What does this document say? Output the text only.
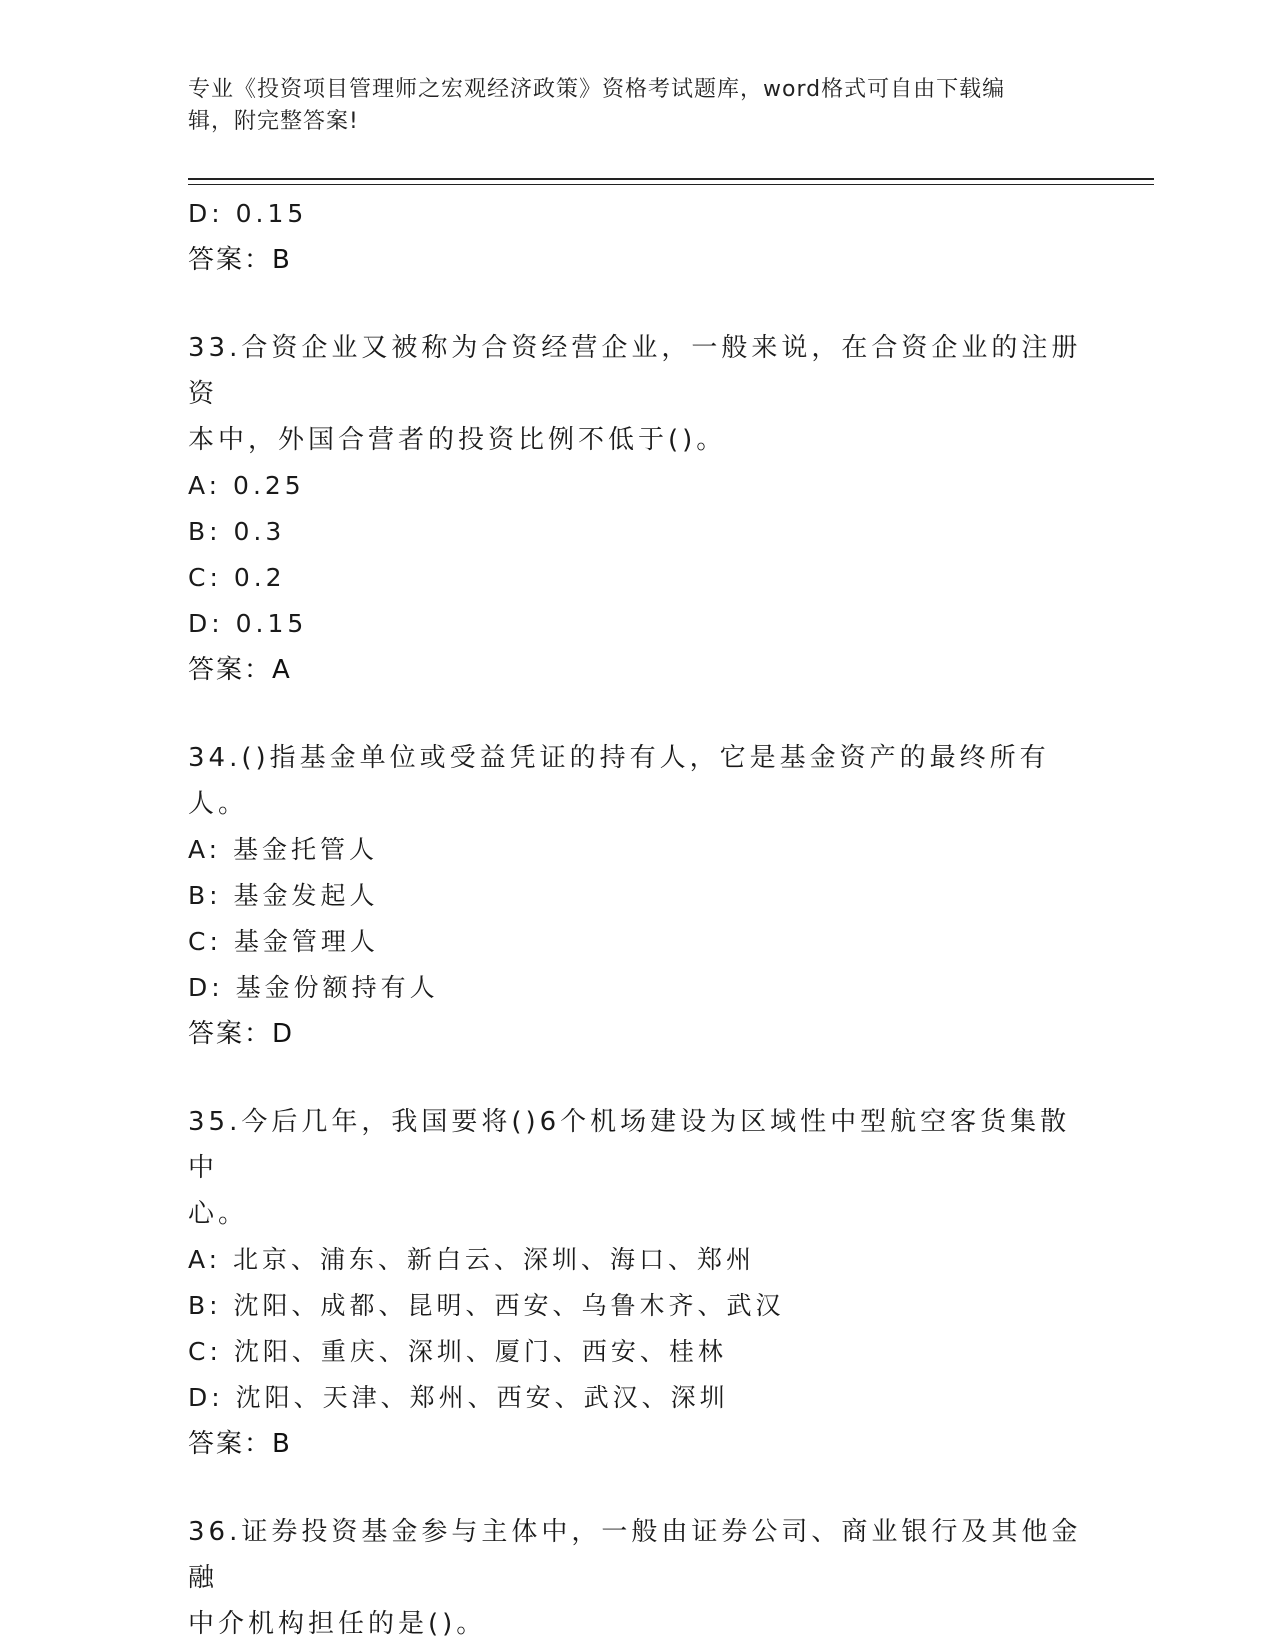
专业《投资项目管理师之宏观经济政策》资格考试题库，word格式可自由下载编
辑，附完整答案!
D: 0.15
答案：B
33.合资企业又被称为合资经营企业，一般来说，在合资企业的注册资
本中，外国合营者的投资比例不低于()。
A: 0.25
B: 0.3
C: 0.2
D: 0.15
答案：A
34.()指基金单位或受益凭证的持有人，它是基金资产的最终所有人。
A: 基金托管人
B: 基金发起人
C: 基金管理人
D: 基金份额持有人
答案：D
35.今后几年，我国要将()6个机场建设为区域性中型航空客货集散中
心。
A: 北京、浦东、新白云、深圳、海口、郑州
B: 沈阳、成都、昆明、西安、乌鲁木齐、武汉
C: 沈阳、重庆、深圳、厦门、西安、桂林
D: 沈阳、天津、郑州、西安、武汉、深圳
答案：B
36.证券投资基金参与主体中，一般由证券公司、商业银行及其他金融
中介机构担任的是()。
